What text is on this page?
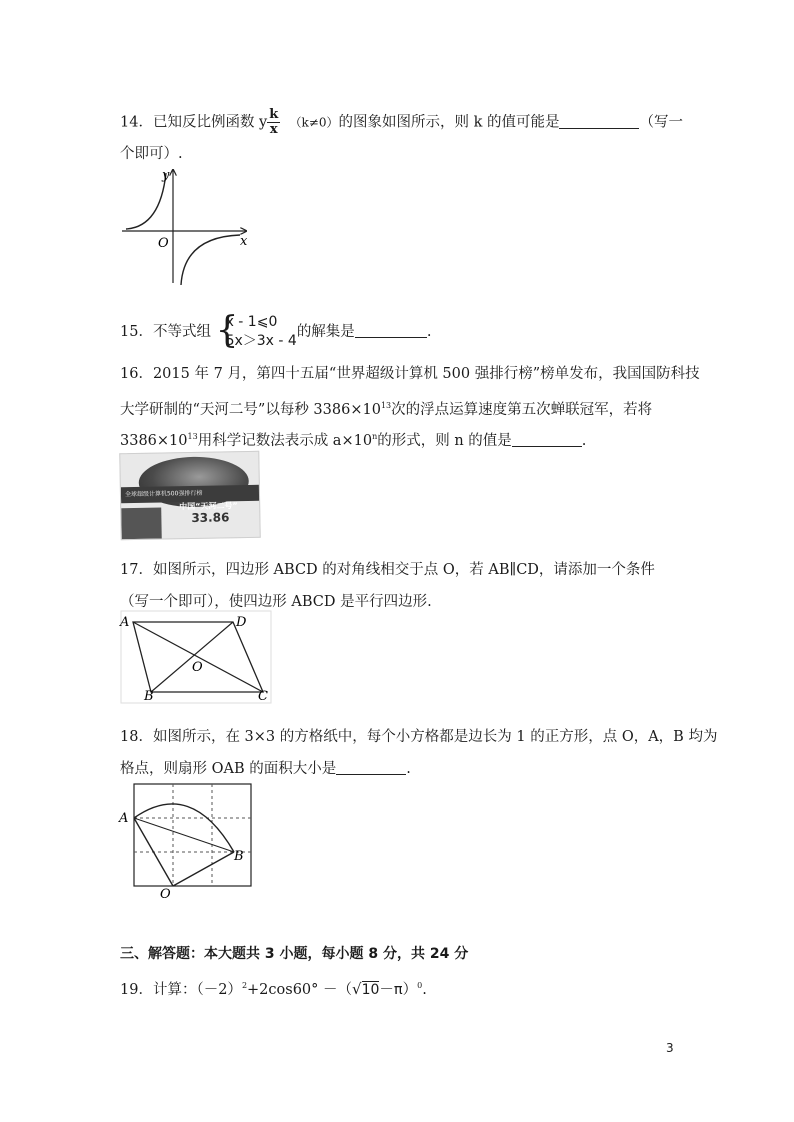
14．已知反比例函数 y $\frac{k}{x} (k\ne 0)$的图象如图所示，则 k 的值可能是	（写一
个即可）.
y
x
O
15．不等式组 {
x - 1⩽0
5x＞3x - 4
的解集是	.
16．2015 年 7 月，第四十五届“世界超级计算机 500 强排行榜”榜单发布，我国国防科技
大学研制的“天河二号”以每秒 $3386\times 10^{13}$次的浮点运算速度第五次蝉联冠军，若将
$3386\times 10^{13}$用科学记数法表示成 $a\times 10^n$的形式，则 n 的值是	.
全球超级计算机500强排行榜
中国“天河二号”
33.86
17．如图所示，四边形 ABCD 的对角线相交于点 O，若 AB∥CD，请添加一个条件
（写一个即可），使四边形 ABCD 是平行四边形.
A	D
B	C
O
18．如图所示，在 3×3 的方格纸中，每个小方格都是边长为 1 的正方形，点 O，A，B 均为
格点，则扇形 OAB 的面积大小是	.
A
B
O
三、解答题：本大题共 3 小题，每小题 8 分，共 24 分
19．计算：$(-2)^2+2\cos 60^\circ -(√10-\pi)^0$.
3
